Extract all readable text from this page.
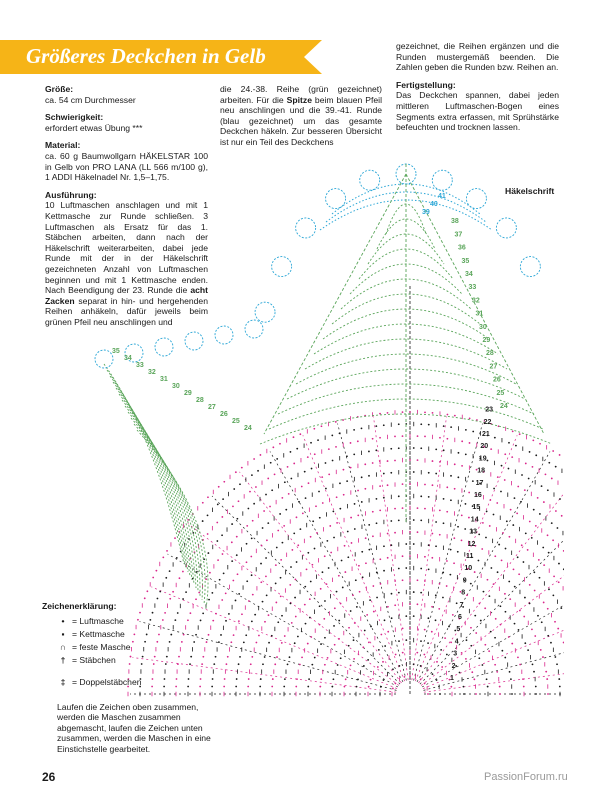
Größeres Deckchen in Gelb

Größe:
ca. 54 cm Durchmesser

Schwierigkeit:
erfordert etwas Übung ***

Material:
ca. 60 g Baumwollgarn HÄKELSTAR 100 in Gelb von PRO LANA (LL 566 m/100 g), 1 ADDI Häkelnadel Nr. 1,5–1,75.

Ausführung:
10 Luftmaschen anschlagen und mit 1 Kettmasche zur Runde schließen. 3 Luftmaschen als Ersatz für das 1. Stäbchen arbeiten, dann nach der Häkelschrift weiterarbeiten, dabei jede Runde mit der in der Häkelschrift gezeichneten Anzahl von Luftmaschen beginnen und mit 1 Kettmasche enden. Nach Beendigung der 23. Runde die acht Zacken separat in hin- und hergehenden Reihen anhäkeln, dafür jeweils beim grünen Pfeil neu anschlingen und

die 24.-38. Reihe (grün gezeichnet) arbeiten. Für die Spitze beim blauen Pfeil neu anschlingen und die 39.-41. Runde (blau gezeichnet) um das gesamte Deckchen häkeln. Zur besseren Übersicht ist nur ein Teil des Deckchens

gezeichnet, die Reihen ergänzen und die Runden mustergemäß beenden. Die Zahlen geben die Runden bzw. Reihen an.

Fertigstellung:
Das Deckchen spannen, dabei jeden mittleren Luftmaschen-Bogen eines Segments extra erfassen, mit Sprühstärke befeuchten und trocknen lassen.

Häkelschrift
1
2
3
4
5
6
7
8
9
10
11
12
13
14
15
16
17
18
19
20
21
22
23
24
25
26
27
28
29
30
31
32
33
34
35
36
37
38
39
40
41
24
25
26
27
28
29
30
31
32
33
34
35
Zeichenerklärung:
• = Luftmasche
▪ = Kettmasche
∩ = feste Masche
† = Stäbchen
‡ = Doppelstäbchen
Laufen die Zeichen oben zusammen, werden die Maschen zusammen abgemascht, laufen die Zeichen unten zusammen, werden die Maschen in eine Einstichstelle gearbeitet.
26	PassionForum.ru
